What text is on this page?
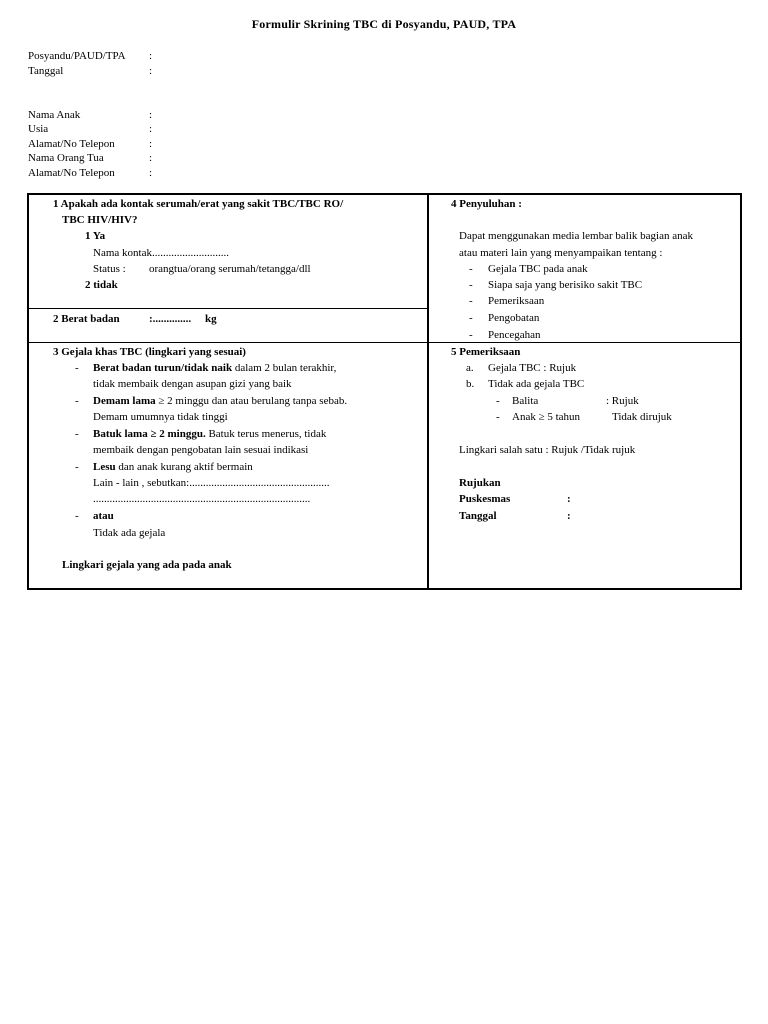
Formulir Skrining TBC di Posyandu, PAUD, TPA
Posyandu/PAUD/TPA :
Tanggal	:
Nama Anak	:
Usia	:
Alamat/No Telepon	:
Nama Orang Tua	:
Alamat/No Telepon	:
1 Apakah ada kontak serumah/erat yang sakit TBC/TBC RO/
TBC HIV/HIV?
1 Ya
Nama kontak............................
Status : orangtua/orang serumah/tetangga/dll
2 tidak
2 Berat badan	:.............. kg
3 Gejala khas TBC (lingkari yang sesuai)
- Berat badan turun/tidak naik dalam 2 bulan terakhir,
tidak membaik dengan asupan gizi yang baik
- Demam lama ≥ 2 minggu dan atau berulang tanpa sebab.
Demam umumnya tidak tinggi
- Batuk lama ≥ 2 minggu. Batuk terus menerus, tidak
membaik dengan pengobatan lain sesuai indikasi
- Lesu dan anak kurang aktif bermain
Lain - lain , sebutkan:...................................................
...............................................................................
- atau
Tidak ada gejala
Lingkari gejala yang ada pada anak
4 Penyuluhan :
Dapat menggunakan media lembar balik bagian anak
atau materi lain yang menyampaikan tentang :
- Gejala TBC pada anak
- Siapa saja yang berisiko sakit TBC
- Pemeriksaan
- Pengobatan
- Pencegahan
5 Pemeriksaan
a. Gejala TBC : Rujuk
b. Tidak ada gejala TBC
- Balita	: Rujuk
- Anak ≥ 5 tahun	Tidak dirujuk
Lingkari salah satu : Rujuk /Tidak rujuk
Rujukan
Puskesmas	:
Tanggal	:
